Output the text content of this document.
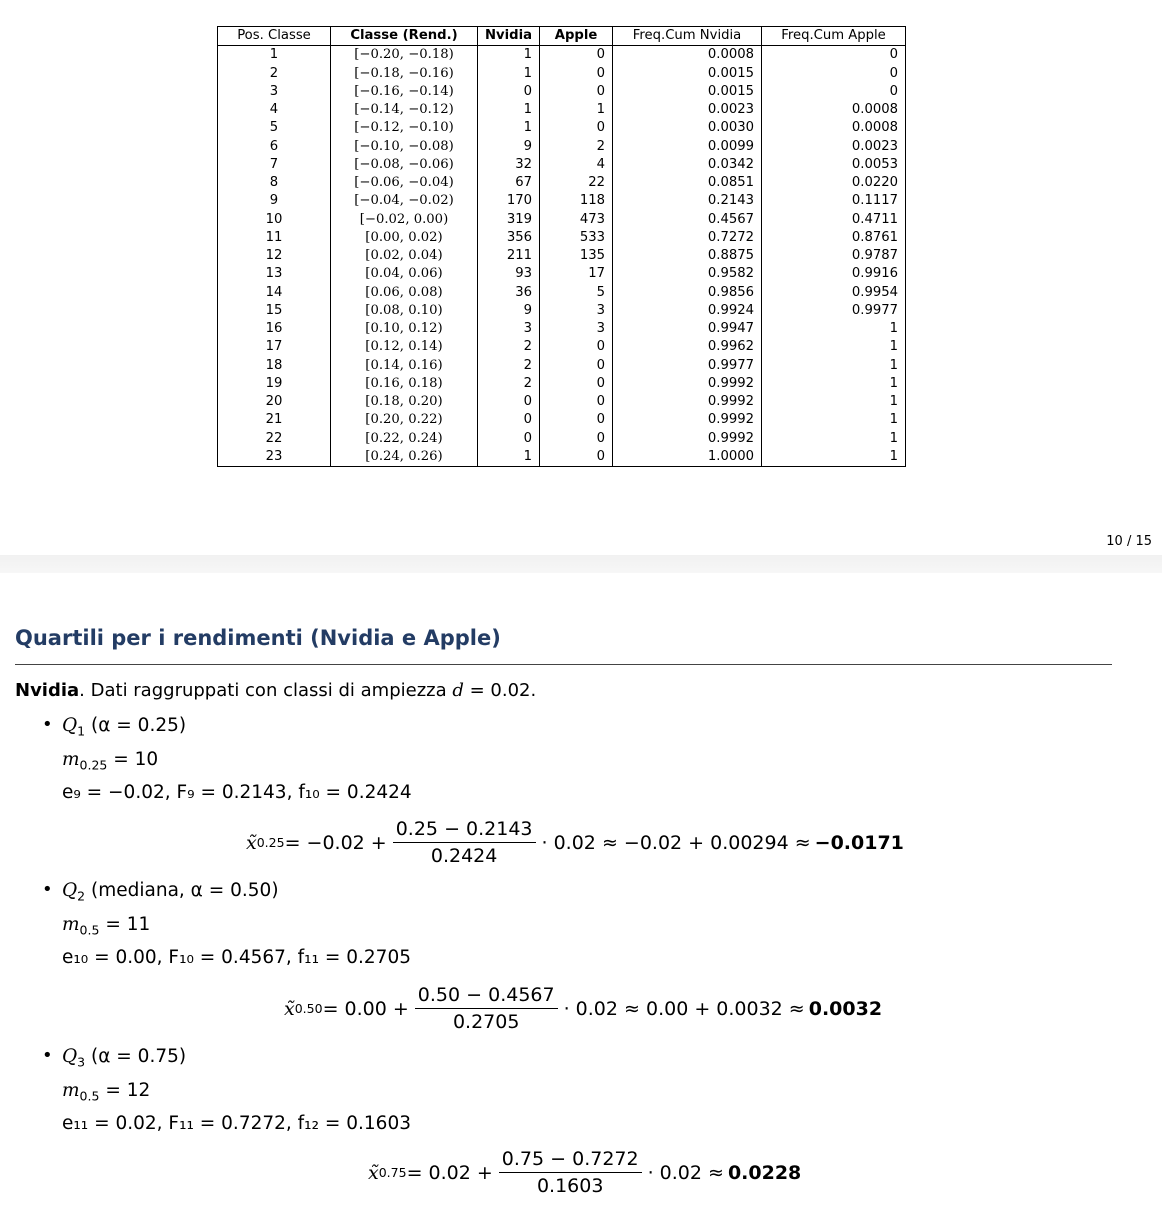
Pos. Classe	Classe (Rend.)	Nvidia	Apple	Freq.Cum Nvidia	Freq.Cum Apple
1	[−0.20, −0.18)	1	0	0.0008	0
2	[−0.18, −0.16)	1	0	0.0015	0
3	[−0.16, −0.14)	0	0	0.0015	0
4	[−0.14, −0.12)	1	1	0.0023	0.0008
5	[−0.12, −0.10)	1	0	0.0030	0.0008
6	[−0.10, −0.08)	9	2	0.0099	0.0023
7	[−0.08, −0.06)	32	4	0.0342	0.0053
8	[−0.06, −0.04)	67	22	0.0851	0.0220
9	[−0.04, −0.02)	170	118	0.2143	0.1117
10	[−0.02, 0.00)	319	473	0.4567	0.4711
11	[0.00, 0.02)	356	533	0.7272	0.8761
12	[0.02, 0.04)	211	135	0.8875	0.9787
13	[0.04, 0.06)	93	17	0.9582	0.9916
14	[0.06, 0.08)	36	5	0.9856	0.9954
15	[0.08, 0.10)	9	3	0.9924	0.9977
16	[0.10, 0.12)	3	3	0.9947	1
17	[0.12, 0.14)	2	0	0.9962	1
18	[0.14, 0.16)	2	0	0.9977	1
19	[0.16, 0.18)	2	0	0.9992	1
20	[0.18, 0.20)	0	0	0.9992	1
21	[0.20, 0.22)	0	0	0.9992	1
22	[0.22, 0.24)	0	0	0.9992	1
23	[0.24, 0.26)	1	0	1.0000	1
10 / 15
Quartili per i rendimenti (Nvidia e Apple)
Nvidia. Dati raggruppati con classi di ampiezza d = 0.02.
• $Q_1$ (α = 0.25)
$m_{0.25} = 10$
e₉ = −0.02, F₉ = 0.2143, f₁₀ = 0.2424
x̃ $0.25 = -0.02 + \frac{0.25 - 0.2143}{0.2424} \cdot 0.02 \approx -0.02 + 0.00294 \approx -0.0171$
• $Q_2$ (mediana, α = 0.50)
$m_{0.5} = 11$
e₁₀ = 0.00, F₁₀ = 0.4567, f₁₁ = 0.2705
x̃ $0.50 = 0.00 + \frac{0.50 - 0.4567}{0.2705} \cdot 0.02 \approx 0.00 + 0.0032 \approx 0.0032$
• $Q_3$ (α = 0.75)
$m_{0.5} = 12$
e₁₁ = 0.02, F₁₁ = 0.7272, f₁₂ = 0.1603
x̃ $0.75 = 0.02 + \frac{0.75 - 0.7272}{0.1603} \cdot 0.02 \approx 0.0228$
